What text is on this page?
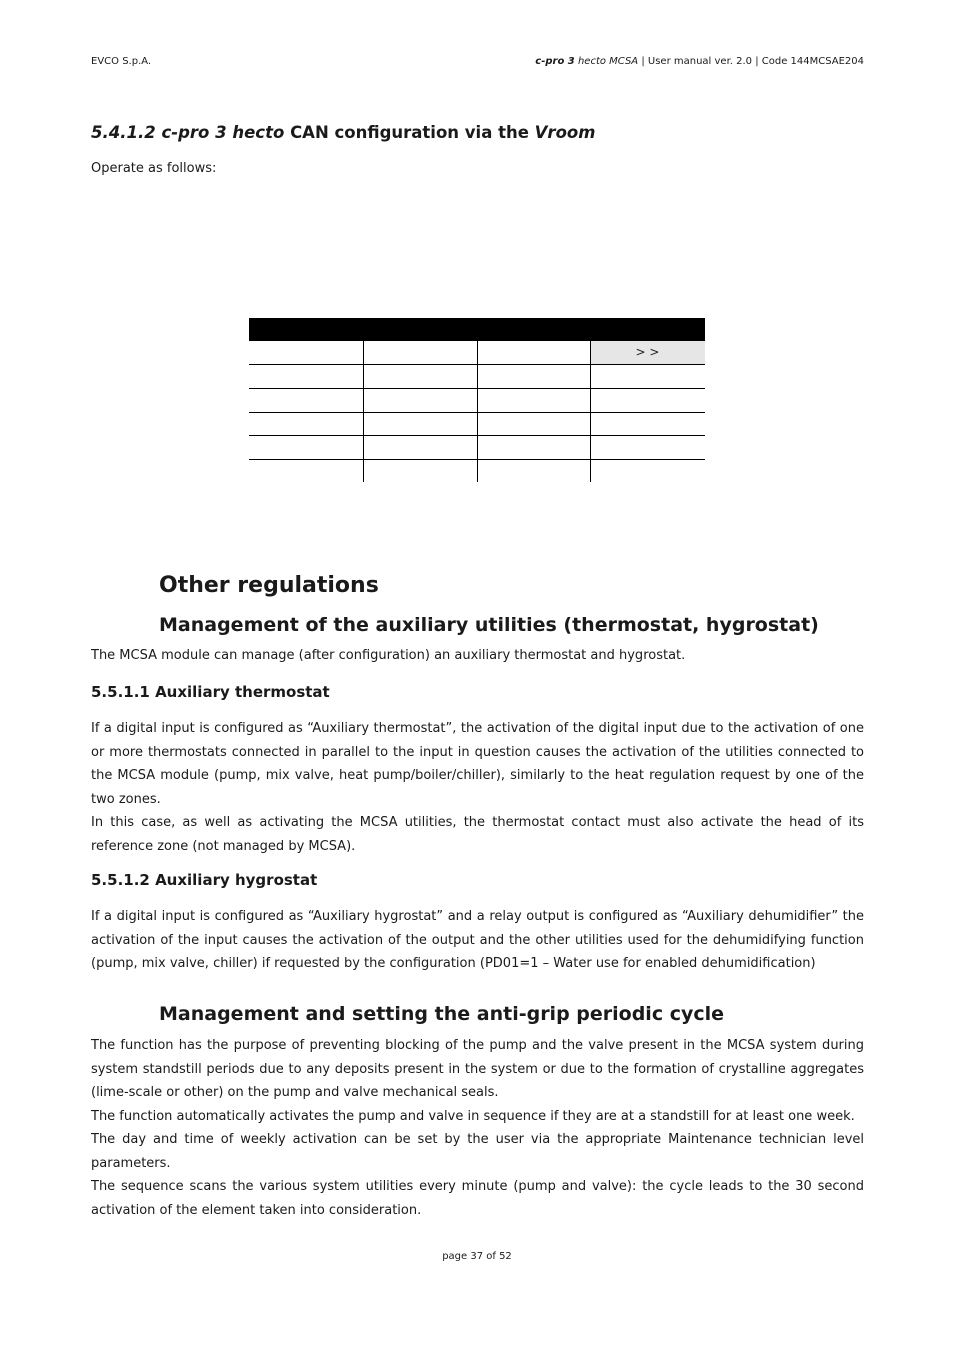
EVCO S.p.A.	c-pro 3 hecto MCSA | User manual ver. 2.0 | Code 144MCSAE204
5.4.1.2 c-pro 3 hecto CAN configuration via the Vroom
Operate as follows:
> >
Other regulations
Management of the auxiliary utilities (thermostat, hygrostat)
The MCSA module can manage (after configuration) an auxiliary thermostat and hygrostat.
5.5.1.1 Auxiliary thermostat
If a digital input is configured as “Auxiliary thermostat”, the activation of the digital input due to the activation of one
or more thermostats connected in parallel to the input in question causes the activation of the utilities connected to
the MCSA module (pump, mix valve, heat pump/boiler/chiller), similarly to the heat regulation request by one of the
two zones.
In this case, as well as activating the MCSA utilities, the thermostat contact must also activate the head of its
reference zone (not managed by MCSA).
5.5.1.2 Auxiliary hygrostat
If a digital input is configured as “Auxiliary hygrostat” and a relay output is configured as “Auxiliary dehumidifier” the
activation of the input causes the activation of the output and the other utilities used for the dehumidifying function
(pump, mix valve, chiller) if requested by the configuration (PD01=1 – Water use for enabled dehumidification)
Management and setting the anti-grip periodic cycle
The function has the purpose of preventing blocking of the pump and the valve present in the MCSA system during
system standstill periods due to any deposits present in the system or due to the formation of crystalline aggregates
(lime-scale or other) on the pump and valve mechanical seals.
The function automatically activates the pump and valve in sequence if they are at a standstill for at least one week.
The day and time of weekly activation can be set by the user via the appropriate Maintenance technician level
parameters.
The sequence scans the various system utilities every minute (pump and valve): the cycle leads to the 30 second
activation of the element taken into consideration.
page 37 of 52
